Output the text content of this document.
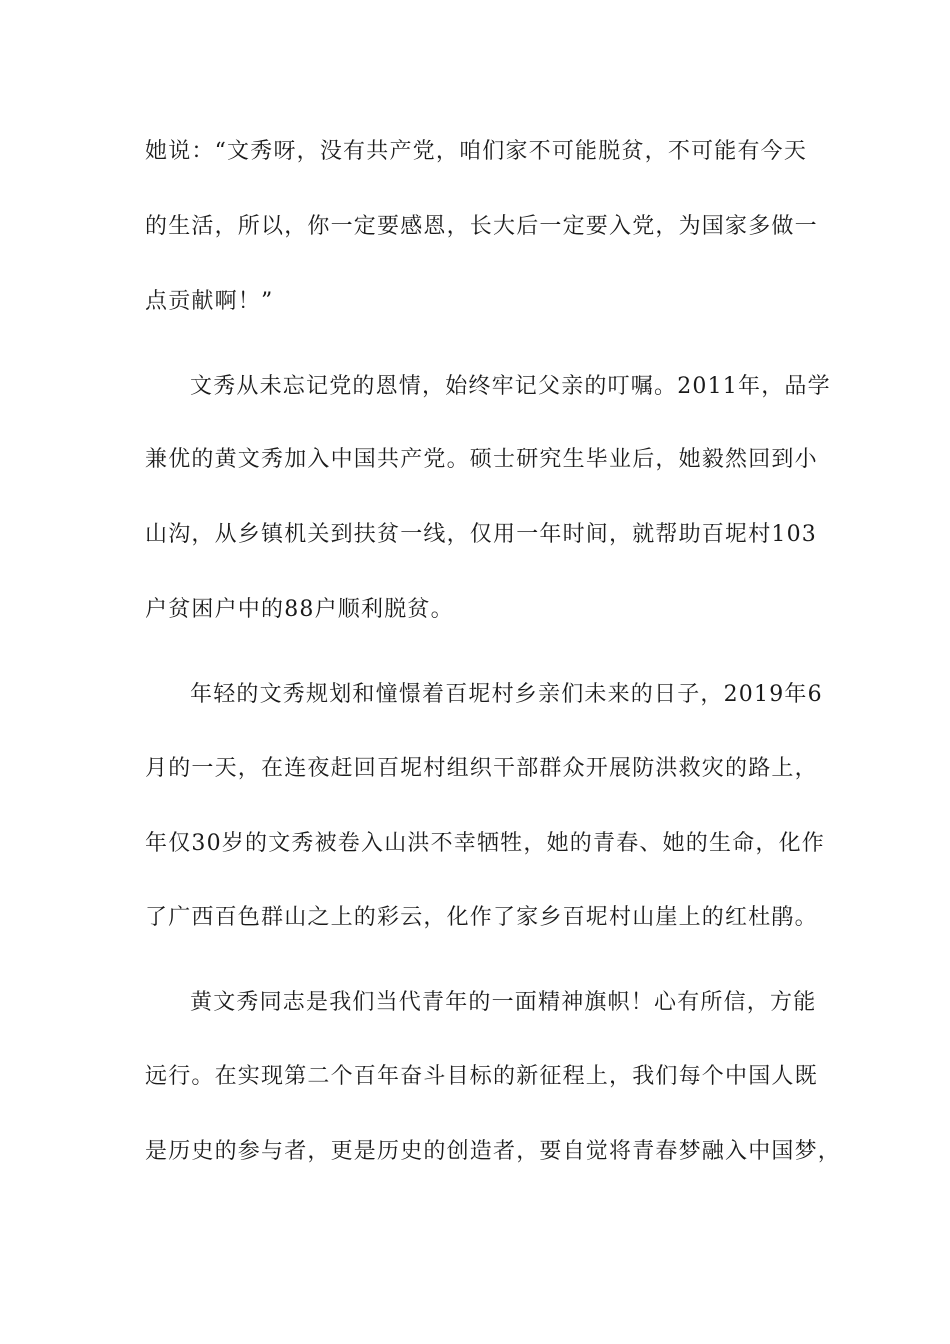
她说：“文秀呀，没有共产党，咱们家不可能脱贫，不可能有今天
的生活，所以，你一定要感恩，长大后一定要入党，为国家多做一
点贡献啊！”
文秀从未忘记党的恩情，始终牢记父亲的叮嘱。2011年，品学
兼优的黄文秀加入中国共产党。硕士研究生毕业后，她毅然回到小
山沟，从乡镇机关到扶贫一线，仅用一年时间，就帮助百坭村103
户贫困户中的88户顺利脱贫。
年轻的文秀规划和憧憬着百坭村乡亲们未来的日子，2019年6
月的一天，在连夜赶回百坭村组织干部群众开展防洪救灾的路上，
年仅30岁的文秀被卷入山洪不幸牺牲，她的青春、她的生命，化作
了广西百色群山之上的彩云，化作了家乡百坭村山崖上的红杜鹃。
黄文秀同志是我们当代青年的一面精神旗帜！心有所信，方能
远行。在实现第二个百年奋斗目标的新征程上，我们每个中国人既
是历史的参与者，更是历史的创造者，要自觉将青春梦融入中国梦，
